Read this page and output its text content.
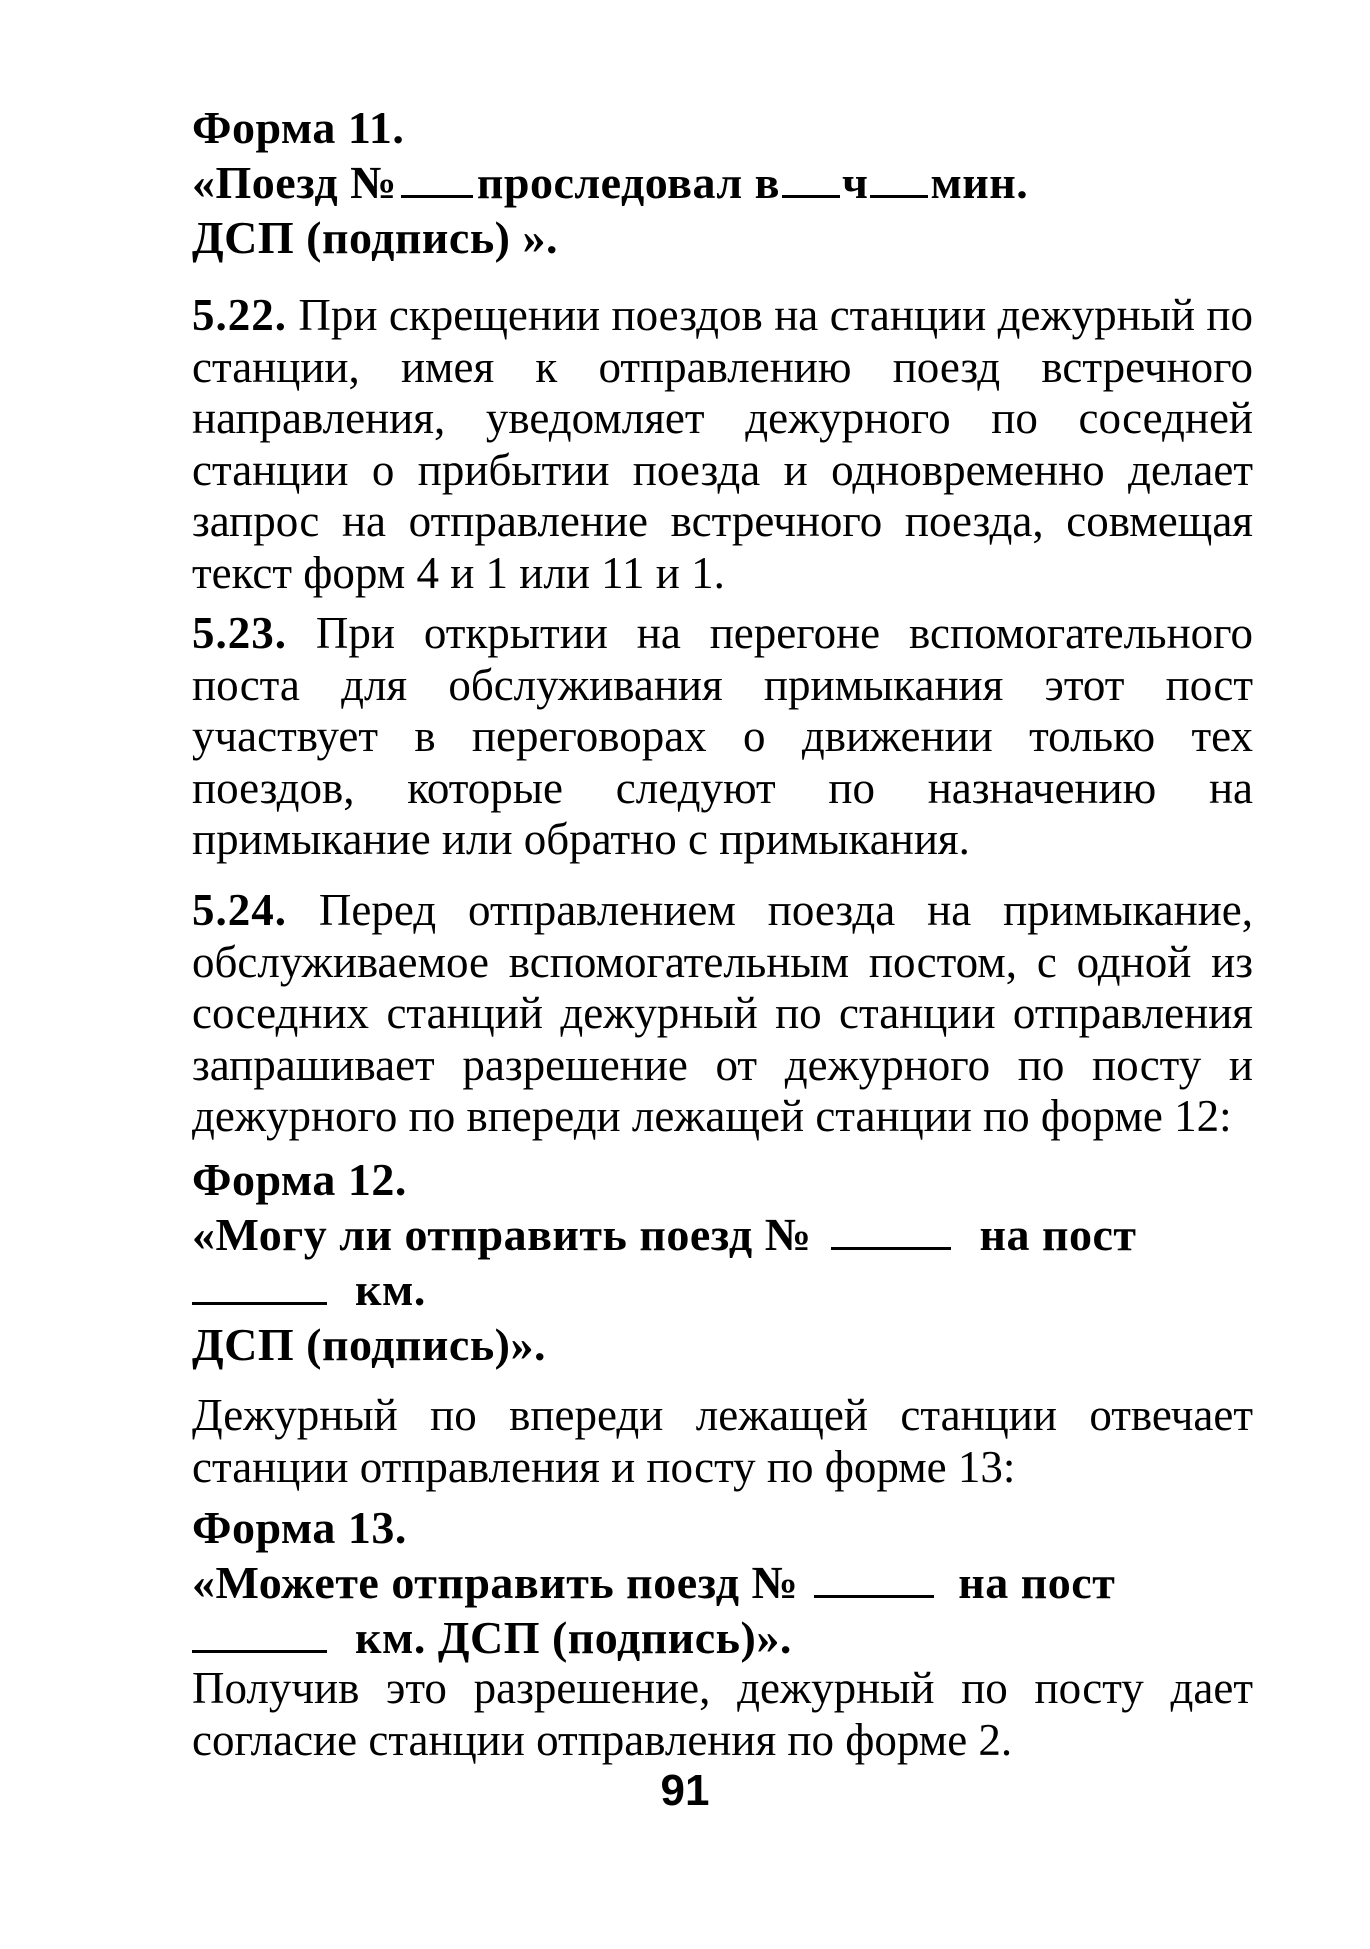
Форма 11.
«Поезд № проследовал в ч мин.
ДСП (подпись) ».
5.22. При скрещении поездов на станции дежурный по станции, имея к отправлению поезд встречного направления, уведомляет дежурного по соседней станции о прибытии поезда и одновременно делает запрос на отправление встречного поезда, совмещая текст форм 4 и 1 или 11 и 1.
5.23. При открытии на перегоне вспомогательного поста для обслуживания примыкания этот пост участвует в переговорах о движении только тех поездов, которые следуют по назначению на примыкание или обратно с примыкания.
5.24. Перед отправлением поезда на примыкание, обслуживаемое вспомогательным постом, с одной из соседних станций дежурный по станции отправления запрашивает разрешение от дежурного по посту и дежурного по впереди лежащей станции по форме 12:
Форма 12.
«Могу ли отправить поезд №	на пост
км.
ДСП (подпись)».
Дежурный по впереди лежащей станции отвечает станции отправления и посту по форме 13:
Форма 13.
«Можете отправить поезд №	на пост
км. ДСП (подпись)».
Получив это разрешение, дежурный по посту дает согласие станции отправления по форме 2.
91
